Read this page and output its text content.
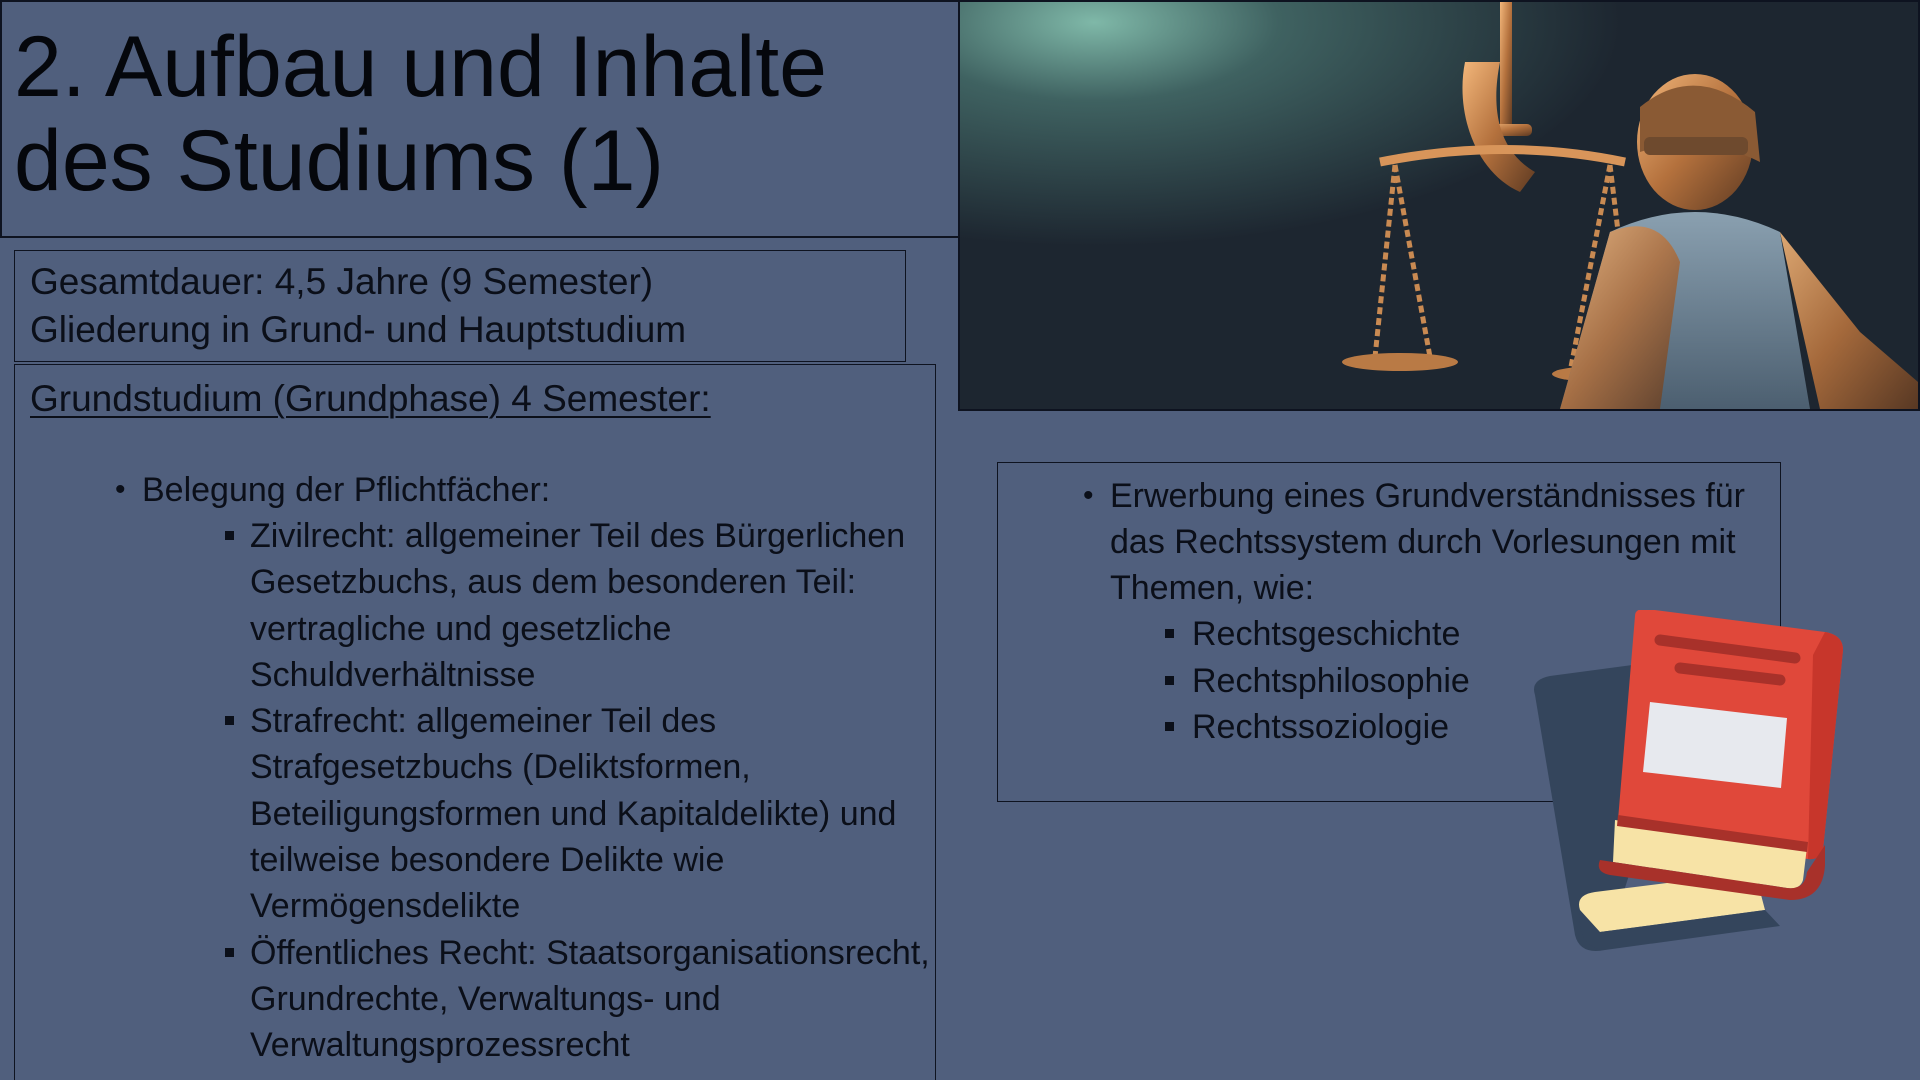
2. Aufbau und Inhalte
des Studiums (1)
Gesamtdauer: 4,5 Jahre (9 Semester)
Gliederung in Grund- und Hauptstudium
Grundstudium (Grundphase) 4 Semester:
• Belegung der Pflichtfächer:
Zivilrecht: allgemeiner Teil des Bürgerlichen Gesetzbuchs, aus dem besonderen Teil: vertragliche und gesetzliche Schuldverhältnisse
Strafrecht: allgemeiner Teil des Strafgesetzbuchs (Deliktsformen, Beteiligungsformen und Kapitaldelikte) und teilweise besondere Delikte wie Vermögensdelikte
Öffentliches Recht: Staatsorganisationsrecht, Grundrechte, Verwaltungs- und Verwaltungsprozessrecht
• Erwerbung eines Grundverständnisses für das Rechtssystem durch Vorlesungen mit Themen, wie:
Rechtsgeschichte
Rechtsphilosophie
Rechtssoziologie
